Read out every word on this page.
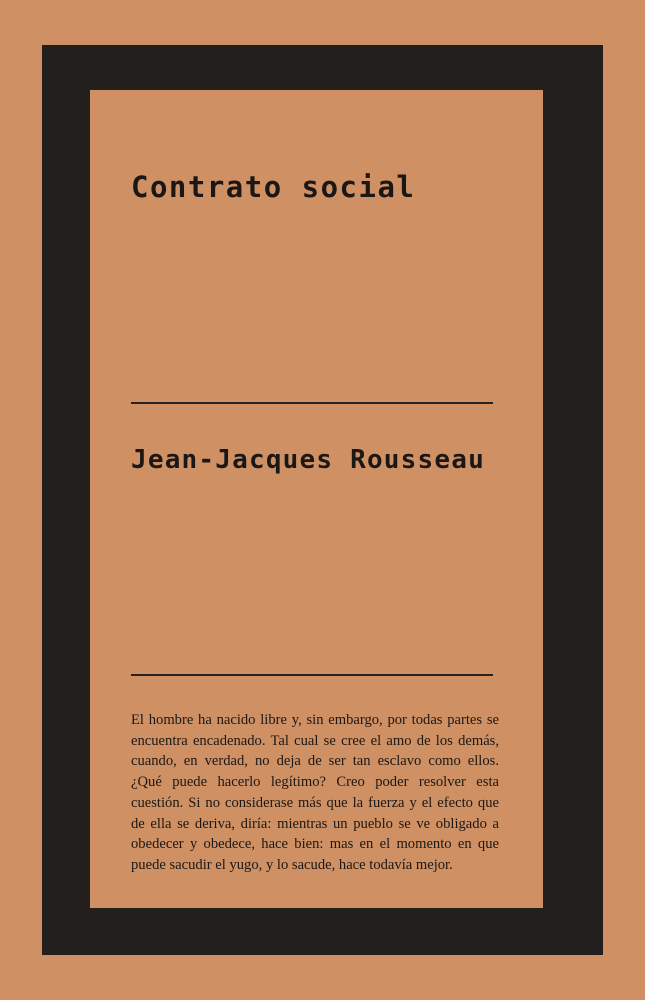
Contrato social
Jean-Jacques Rousseau

El hombre ha nacido libre y, sin embargo, por todas partes se encuentra encadenado. Tal cual se cree el amo de los demás, cuando, en verdad, no deja de ser tan esclavo como ellos. ¿Qué puede hacerlo legítimo? Creo poder resolver esta cuestión. Si no considerase más que la fuerza y el efecto que de ella se deriva, diría: mientras un pueblo se ve obligado a obedecer y obedece, hace bien: mas en el momento en que puede sacudir el yugo, y lo sacude, hace todavía mejor.
